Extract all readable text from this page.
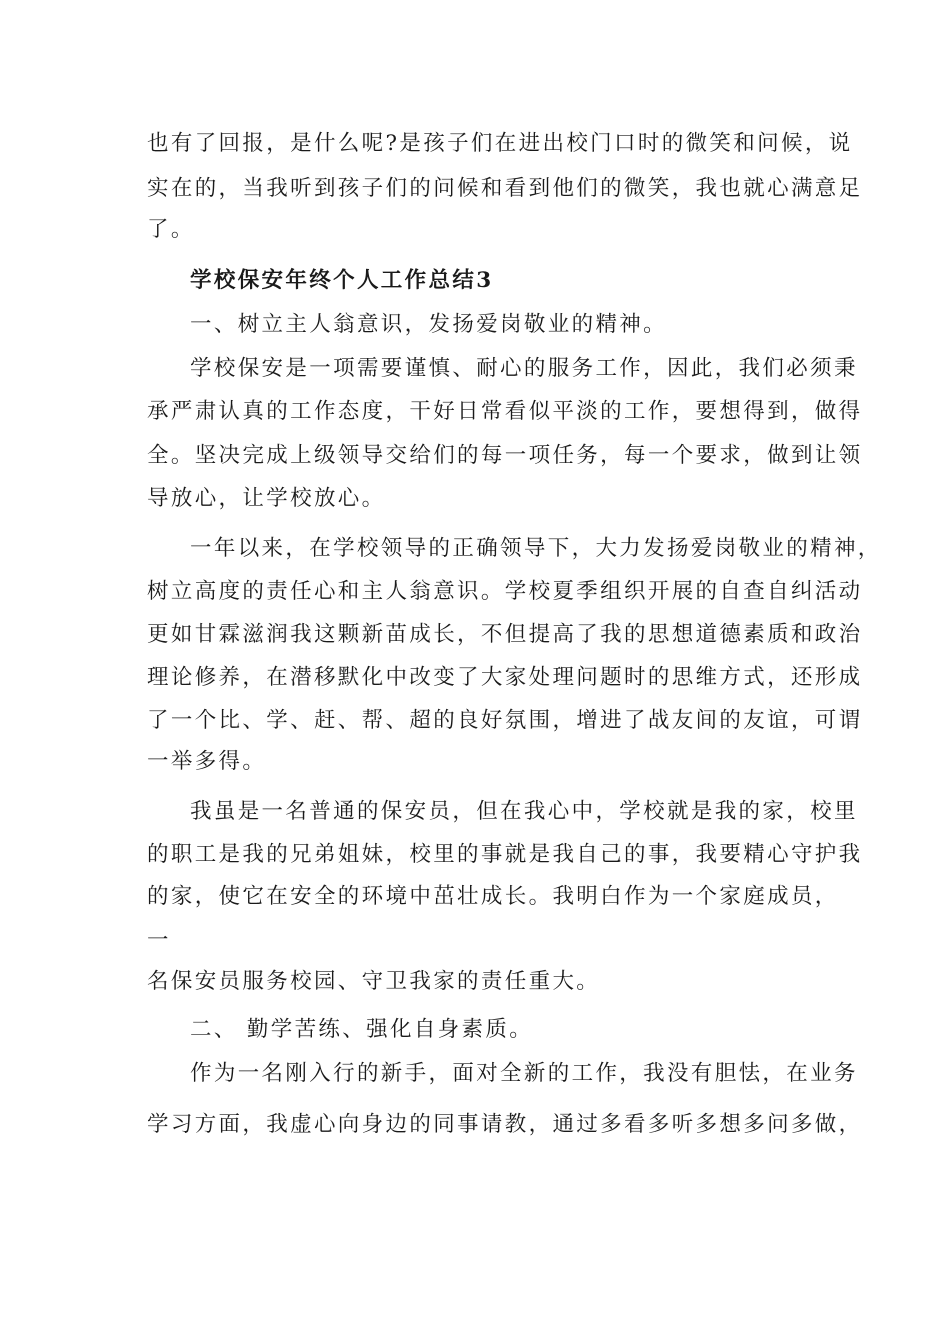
也有了回报，是什么呢?是孩子们在进出校门口时的微笑和问候，说
实在的，当我听到孩子们的问候和看到他们的微笑，我也就心满意足
了。
学校保安年终个人工作总结3
一、树立主人翁意识，发扬爱岗敬业的精神。
学校保安是一项需要谨慎、耐心的服务工作，因此，我们必须秉
承严肃认真的工作态度，干好日常看似平淡的工作，要想得到，做得
全。坚决完成上级领导交给们的每一项任务，每一个要求，做到让领
导放心，让学校放心。
一年以来，在学校领导的正确领导下，大力发扬爱岗敬业的精神，
树立高度的责任心和主人翁意识。学校夏季组织开展的自查自纠活动
更如甘霖滋润我这颗新苗成长，不但提高了我的思想道德素质和政治
理论修养，在潜移默化中改变了大家处理问题时的思维方式，还形成
了一个比、学、赶、帮、超的良好氛围，增进了战友间的友谊，可谓
一举多得。
我虽是一名普通的保安员，但在我心中，学校就是我的家，校里
的职工是我的兄弟姐妹，校里的事就是我自己的事，我要精心守护我
的家，使它在安全的环境中茁壮成长。我明白作为一个家庭成员，
一
名保安员服务校园、守卫我家的责任重大。
二、 勤学苦练、强化自身素质。
作为一名刚入行的新手，面对全新的工作，我没有胆怯，在业务
学习方面，我虚心向身边的同事请教，通过多看多听多想多问多做，
